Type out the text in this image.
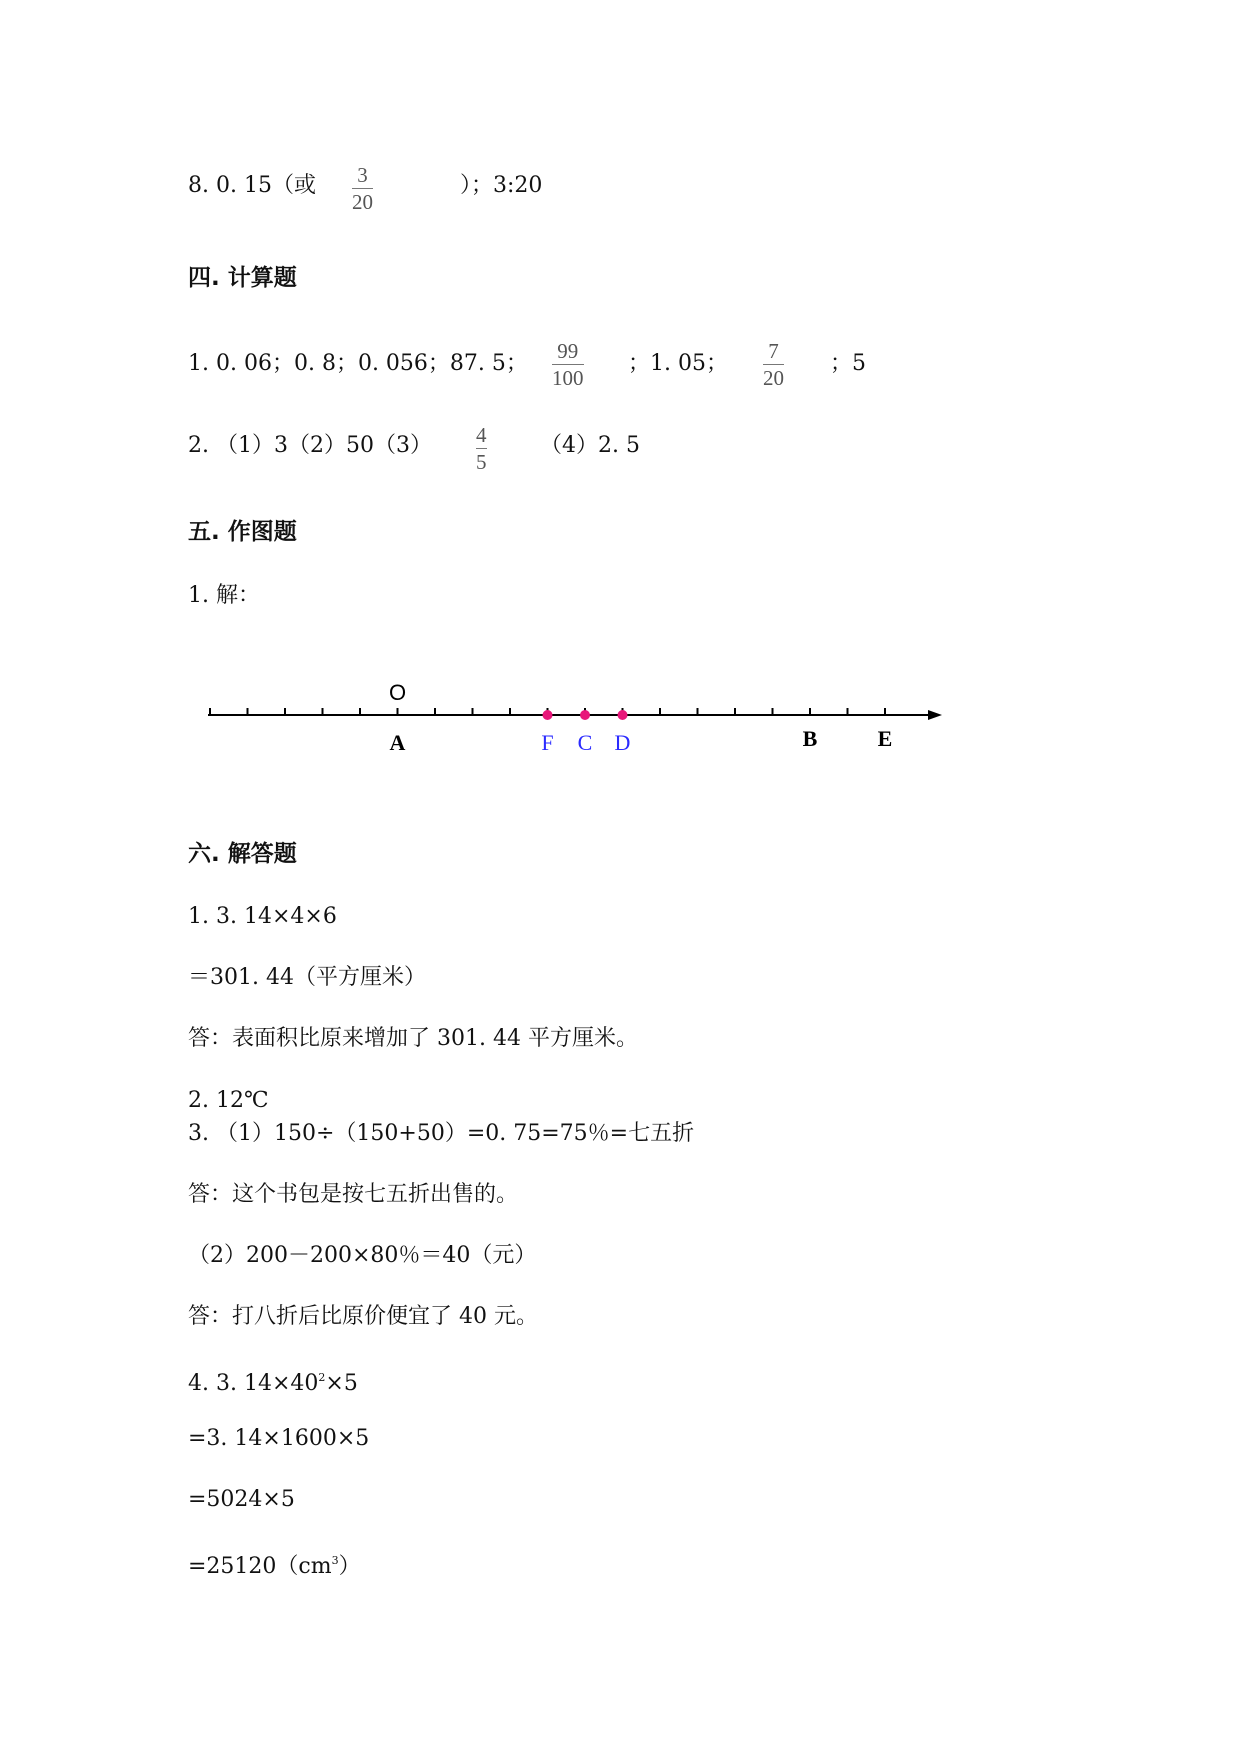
8. 0. 15（或 3
20
）；3:20
四. 计算题
1. 0. 06；0. 8；0. 056；87. 5； 99
100
；1. 05； 7
20
；5
2. （1）3（2）50（3） 4
5
（4）2. 5
五. 作图题
1. 解：
O
A	F C D	B	E
六. 解答题
1. 3. 14×4×6
＝301. 44（平方厘米）
答：表面积比原来增加了 301. 44 平方厘米。
2. 12℃
3. （1）150÷（150+50）=0. 75=75％=七五折
答：这个书包是按七五折出售的。
（2）200－200×80％＝40（元）
答：打八折后比原价便宜了 40 元。
4. 3. $14\times 40^2\times 5$
=3. 14×1600×5
=5024×5
$=25120(cm^3)$
